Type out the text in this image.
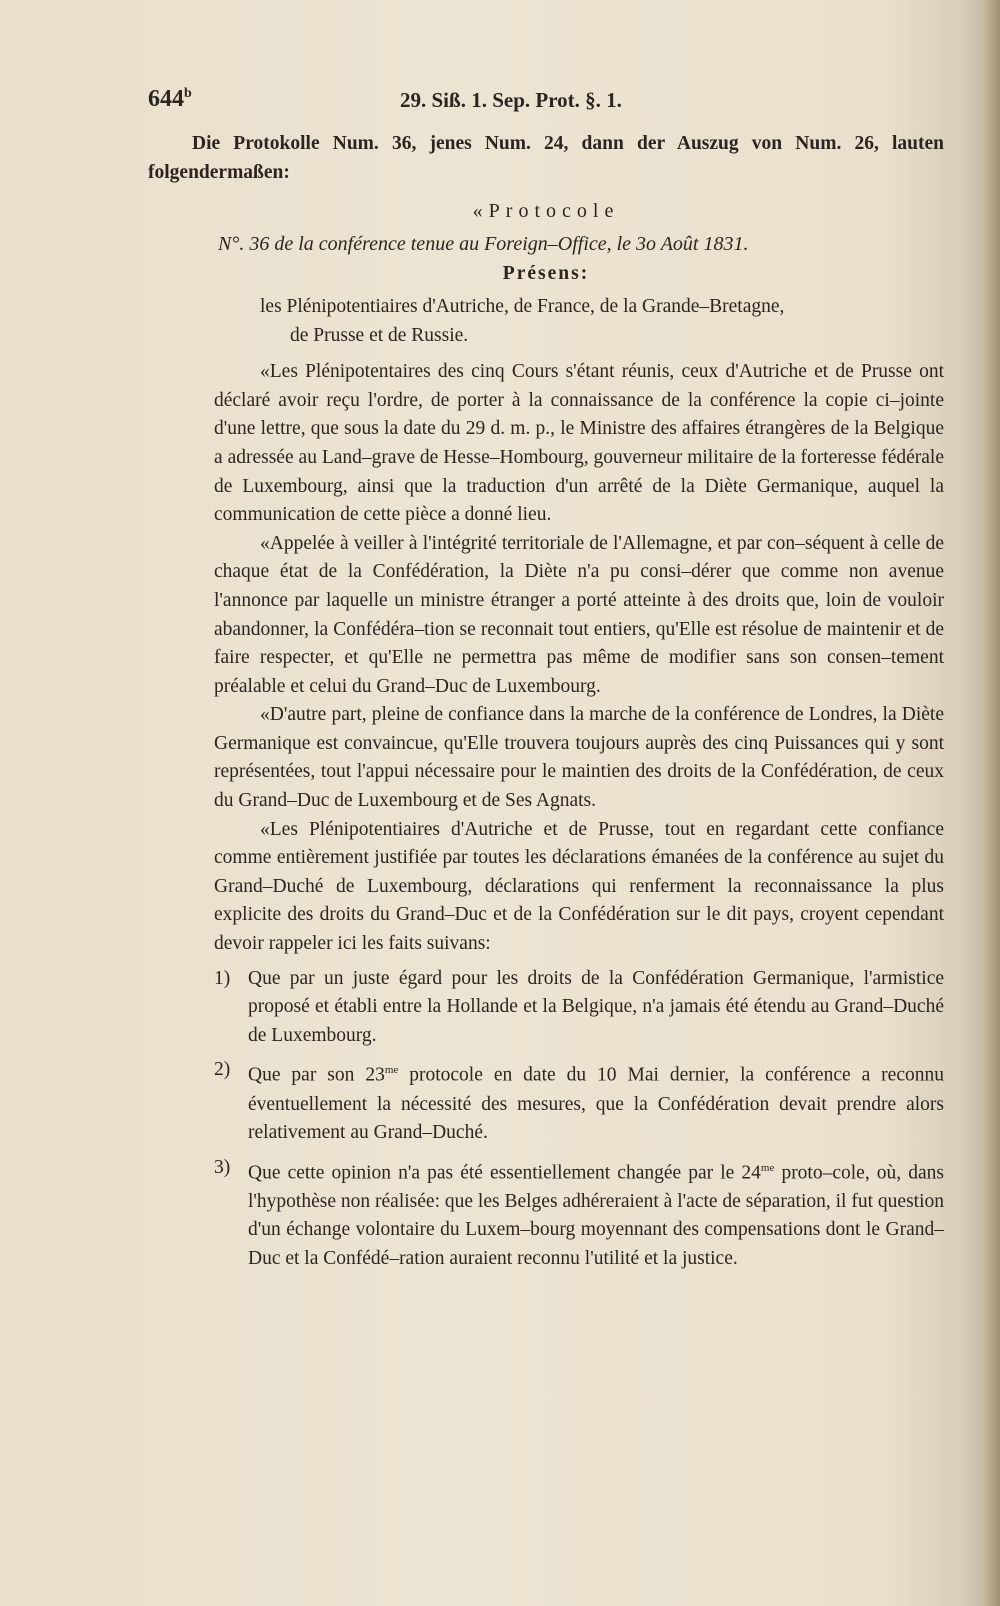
644$^b$	29. Siß. 1. Sep. Prot. §. 1.

Die Protokolle Num. 36, jenes Num. 24, dann der Auszug von Num. 26, lauten folgendermaßen:

«Protocole

N°. 36 de la conférence tenue au Foreign–Office, le 3o Août 1831.

Présens:

les Plénipotentiaires d'Autriche, de France, de la Grande–Bretagne,
de Prusse et de Russie.

«Les Plénipotentaires des cinq Cours s'étant réunis, ceux d'Autriche et de Prusse ont déclaré avoir reçu l'ordre, de porter à la connaissance de la conférence la copie ci–jointe d'une lettre, que sous la date du 29 d. m. p., le Ministre des affaires étrangères de la Belgique a adressée au Land–grave de Hesse–Hombourg, gouverneur militaire de la forteresse fédérale de Luxembourg, ainsi que la traduction d'un arrêté de la Diète Germanique, auquel la communication de cette pièce a donné lieu.

«Appelée à veiller à l'intégrité territoriale de l'Allemagne, et par con–séquent à celle de chaque état de la Confédération, la Diète n'a pu consi–dérer que comme non avenue l'annonce par laquelle un ministre étranger a porté atteinte à des droits que, loin de vouloir abandonner, la Confédéra–tion se reconnait tout entiers, qu'Elle est résolue de maintenir et de faire respecter, et qu'Elle ne permettra pas même de modifier sans son consen–tement préalable et celui du Grand–Duc de Luxembourg.

«D'autre part, pleine de confiance dans la marche de la conférence de Londres, la Diète Germanique est convaincue, qu'Elle trouvera toujours auprès des cinq Puissances qui y sont représentées, tout l'appui nécessaire pour le maintien des droits de la Confédération, de ceux du Grand–Duc de Luxembourg et de Ses Agnats.

«Les Plénipotentiaires d'Autriche et de Prusse, tout en regardant cette confiance comme entièrement justifiée par toutes les déclarations émanées de la conférence au sujet du Grand–Duché de Luxembourg, déclarations qui renferment la reconnaissance la plus explicite des droits du Grand–Duc et de la Confédération sur le dit pays, croyent cependant devoir rappeler ici les faits suivans:

1) Que par un juste égard pour les droits de la Confédération Germanique, l'armistice proposé et établi entre la Hollande et la Belgique, n'a jamais été étendu au Grand–Duché de Luxembourg.
2) Que par son $23^{me}$ protocole en date du 10 Mai dernier, la conférence a reconnu éventuellement la nécessité des mesures, que la Confédération devait prendre alors relativement au Grand–Duché.
3) Que cette opinion n'a pas été essentiellement changée par le $24^{me}$ proto–cole, où, dans l'hypothèse non réalisée: que les Belges adhéreraient à l'acte de séparation, il fut question d'un échange volontaire du Luxem–bourg moyennant des compensations dont le Grand–Duc et la Confédé–ration auraient reconnu l'utilité et la justice.
